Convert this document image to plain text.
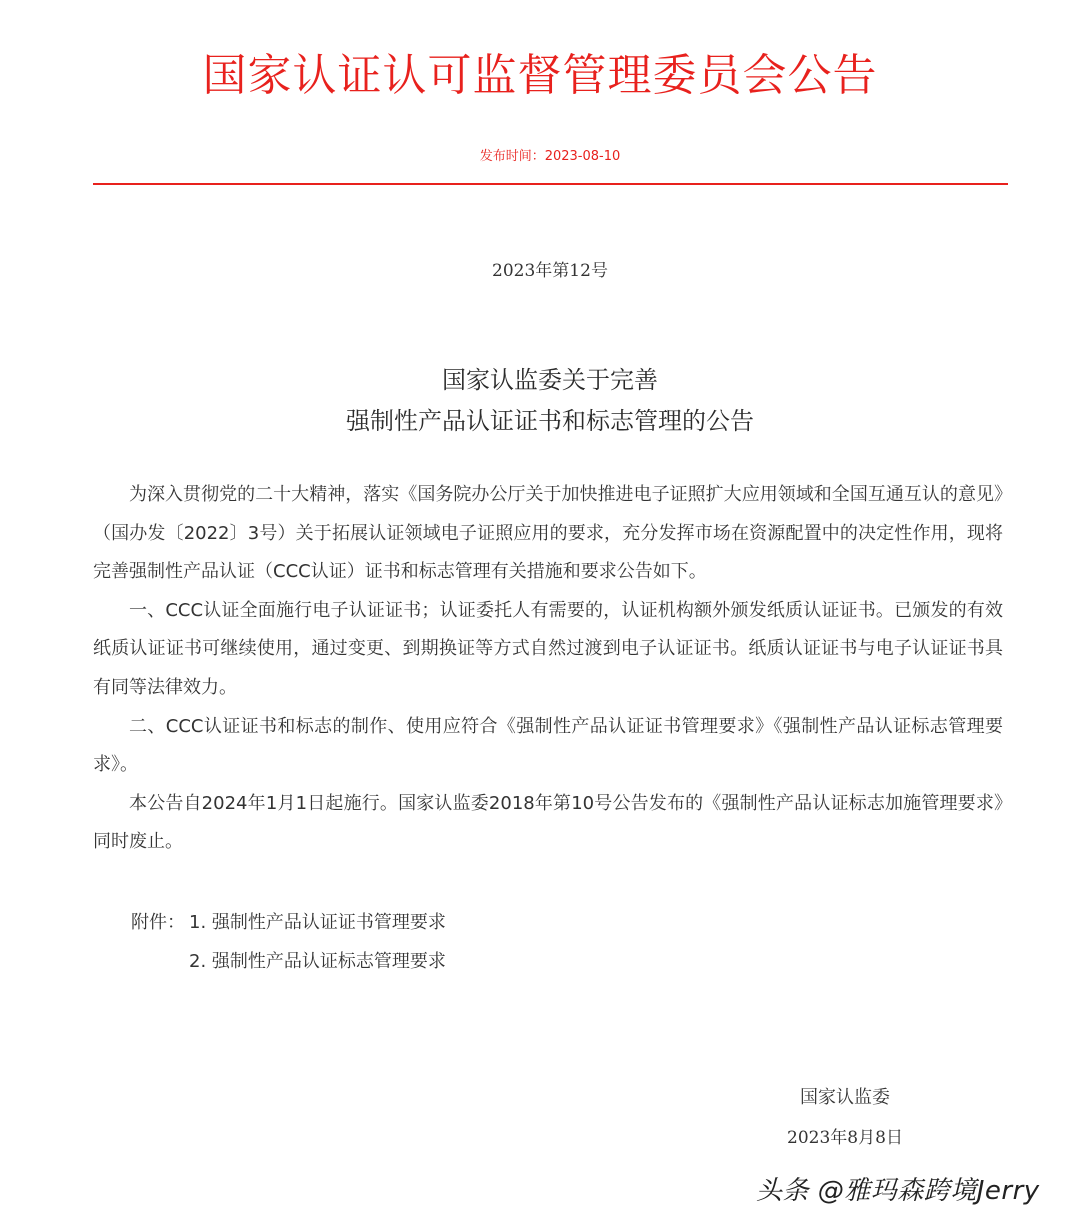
国家认证认可监督管理委员会公告
发布时间：2023-08-10
2023年第12号
国家认监委关于完善
强制性产品认证证书和标志管理的公告

为深入贯彻党的二十大精神，落实《国务院办公厅关于加快推进电子证照扩大应用领域和全国互通互认的意见》（国办发〔2022〕3号）关于拓展认证领域电子证照应用的要求，充分发挥市场在资源配置中的决定性作用，现将完善强制性产品认证（CCC认证）证书和标志管理有关措施和要求公告如下。

一、CCC认证全面施行电子认证证书；认证委托人有需要的，认证机构额外颁发纸质认证证书。已颁发的有效纸质认证证书可继续使用，通过变更、到期换证等方式自然过渡到电子认证证书。纸质认证证书与电子认证证书具有同等法律效力。

二、CCC认证证书和标志的制作、使用应符合《强制性产品认证证书管理要求》《强制性产品认证标志管理要求》。

本公告自2024年1月1日起施行。国家认监委2018年第10号公告发布的《强制性产品认证标志加施管理要求》同时废止。

附件： 1. 强制性产品认证证书管理要求
2. 强制性产品认证标志管理要求
国家认监委
2023年8月8日
头条 @雅玛森跨境Jerry
